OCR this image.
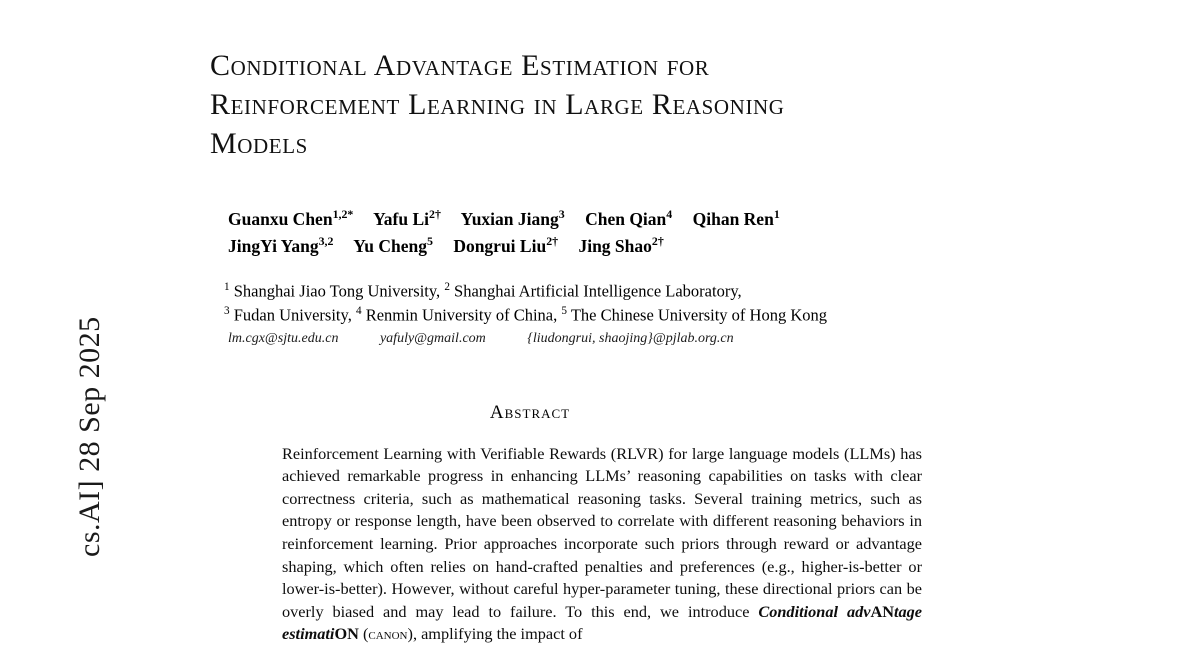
cs.AI] 28 Sep 2025
Conditional Advantage Estimation for Reinforcement Learning in Large Reasoning Models
Guanxu Chen$^{1,2*}$ Yafu $Li^{2\dagger}$ Yuxian Jiang$^3$ Chen Qian$^4$ Qihan Ren$^1$
JingYi Yang$^{3,2}$ Yu Cheng$^5$ Dongrui Liu$^{2\dagger}$ Jing Shao$^{2\dagger}$
$^1$ Shanghai Jiao Tong University, $^2$ Shanghai Artificial Intelligence Laboratory,
$^3$ Fudan University, $^4$ Renmin University of China, $^5$ The Chinese University of Hong Kong
lm.cgx@sjtu.edu.cn	yafuly@gmail.com	{liudongrui, shaojing}@pjlab.org.cn
Abstract

Reinforcement Learning with Verifiable Rewards (RLVR) for large language models (LLMs) has achieved remarkable progress in enhancing LLMs’ reasoning capabilities on tasks with clear correctness criteria, such as mathematical reasoning tasks. Several training metrics, such as entropy or response length, have been observed to correlate with different reasoning behaviors in reinforcement learning. Prior approaches incorporate such priors through reward or advantage shaping, which often relies on hand-crafted penalties and preferences (e.g., higher-is-better or lower-is-better). However, without careful hyper-parameter tuning, these directional priors can be overly biased and may lead to failure. To this end, we introduce Conditional advANtage estimatiON (canon), amplifying the impact of
